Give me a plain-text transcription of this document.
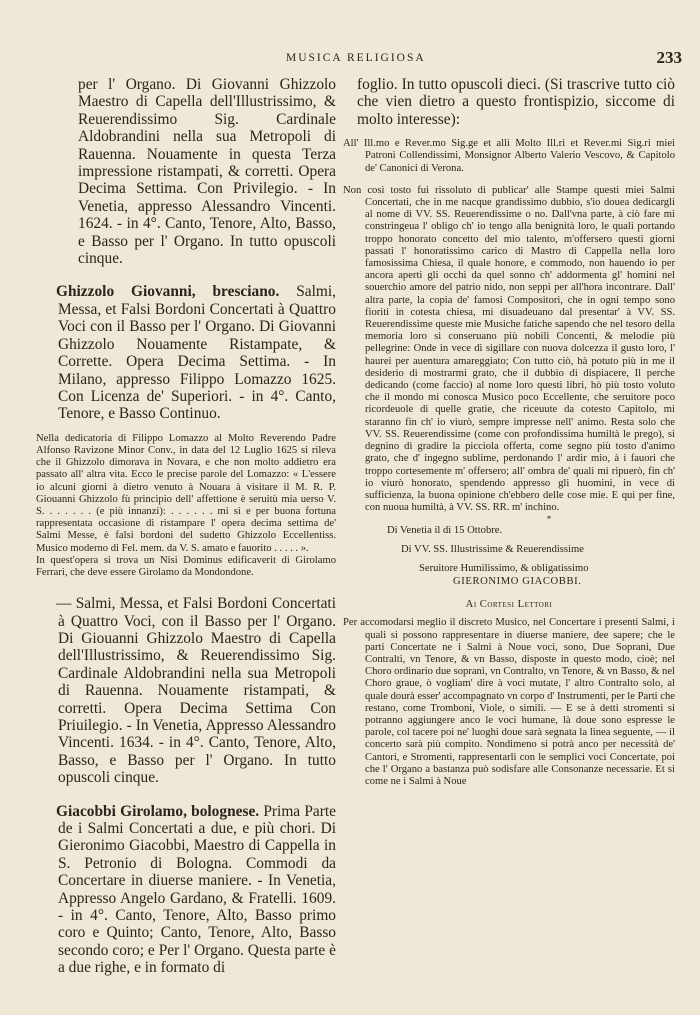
MUSICA RELIGIOSA	233

per l' Organo. Di Giovanni Ghizzolo Maestro di Capella dell'Illustrissimo, & Reuerendissimo Sig. Cardinale Aldobrandini nella sua Metropoli di Rauenna. Nouamente in questa Terza impressione ristampati, & corretti. Opera Decima Settima. Con Privilegio. - In Venetia, appresso Alessandro Vincenti. 1624. - in 4°. Canto, Tenore, Alto, Basso, e Basso per l' Organo. In tutto opuscoli cinque.

Ghizzolo Giovanni, bresciano. Salmi, Messa, et Falsi Bordoni Concertati à Quattro Voci con il Basso per l' Organo. Di Giovanni Ghizzolo Nouamente Ristampate, & Corrette. Opera Decima Settima. - In Milano, appresso Filippo Lomazzo 1625. Con Licenza de' Superiori. - in 4°. Canto, Tenore, e Basso Continuo.

Nella dedicatoria di Filippo Lomazzo al Molto Reverendo Padre Alfonso Ravizone Minor Conv., in data del 12 Luglio 1625 si rileva che il Ghizzolo dimorava in Novara, e che non molto addietro era passato all' altra vita. Ecco le precise parole del Lomazzo: « L'essere io alcuni giorni à dietro venuto à Nouara à visitare il M. R. P. Giouanni Ghizzolo fù principio dell' affettione è seruitù mia uerso V. S. . . . . . . (e più innanzi): . . . . . . mi sì e per buona fortuna rappresentata occasione di ristampare l' opera decima settima de' Salmi Messe, è falsi bordoni del sudetto Ghizzolo Eccellentiss. Musico moderno di Fel. mem. da V. S. amato e fauorito . . . . . ».

In quest'opera si trova un Nisi Dominus edificaverit di Girolamo Ferrari, che deve essere Girolamo da Mondondone.

— Salmi, Messa, et Falsi Bordoni Concertati à Quattro Voci, con il Basso per l' Organo. Di Giouanni Ghizzolo Maestro di Capella dell'Illustrissimo, & Reuerendissimo Sig. Cardinale Aldobrandini nella sua Metropoli di Rauenna. Nouamente ristampati, & corretti. Opera Decima Settima Con Priuilegio. - In Venetia, Appresso Alessandro Vincenti. 1634. - in 4°. Canto, Tenore, Alto, Basso, e Basso per l' Organo. In tutto opuscoli cinque.

Giacobbi Girolamo, bolognese. Prima Parte de i Salmi Concertati a due, e più chori. Di Gieronimo Giacobbi, Maestro di Cappella in S. Petronio di Bologna. Commodi da Concertare in diuerse maniere. - In Venetia, Appresso Angelo Gardano, & Fratelli. 1609. - in 4°. Canto, Tenore, Alto, Basso primo coro e Quinto; Canto, Tenore, Alto, Basso secondo coro; e Per l' Organo. Questa parte è a due righe, e in formato di

foglio. In tutto opuscoli dieci. (Si trascrive tutto ciò che vien dietro a questo frontispizio, siccome di molto interesse):

All' Ill.mo e Rever.mo Sig.ge et alli Molto Ill.ri et Rever.mi Sig.ri miei Patroni Collendissimi, Monsignor Alberto Valerio Vescovo, & Capitolo de' Canonici di Verona.

Non così tosto fui rissoluto di publicar' alle Stampe questi miei Salmi Concertati, che in me nacque grandissimo dubbio, s'io doueа dedicargli al nome di VV. SS. Reuerendissime o no. Dall'vna parte, à ciò fare mi constringeua l' obligo ch' io tengo alla benignità loro, le quali portando troppo honorato concetto del mio talento, m'offersero questi giorni passati l' honoratissimo carico di Mastro di Cappella nella loro famosissima Chiesa, il quale honore, e commodo, non hauendo io per ancora aperti gli occhi da quel sonno ch' addormenta gl' homini nel souerchio amore del patrio nido, non seppi per all'hora incontrare. Dall' altra parte, la copia de' famosi Compositori, che in ogni tempo sono fioriti in cotesta chiesa, mi disuadeuano dal presentar' à VV. SS. Reuerendissime queste mie Musiche fatiche sapendo che nel tesoro della memoria loro si conseruano più nobili Concenti, & melodie più pellegrine: Onde in vece di sigillare con nuova dolcezza il gusto loro, l' haurei per auentura amareggiato; Con tutto ciò, hà potuto più in me il desiderio di mostrarmi grato, che il dubbio di dispiacere, Il perche dedicando (come faccio) al nome loro questi libri, hò più tosto voluto che il mondo mi conosca Musico poco Eccellente, che seruitore poco ricordeuole di quelle gratie, che riceuute da cotesto Capitolo, mi staranno fin ch' io viurò, sempre impresse nell' animo. Resta solo che VV. SS. Reuerendissime (come con profondissima humiltà le prego), si degnino di gradire la picciola offerta, come segno più tosto d'animo grato, che d' ingegno sublime, perdonando l' ardir mio, à i fauori che troppo cortesemente m' offersero; all' ombra de' quali mi ripuerò, fin ch' io viurò honorato, spendendo appresso gli huomini, in vece di sufficienza, la buona opinione ch'ebbero delle cose mie. E qui per fine, con nuoua humiltà, à VV. SS. RR. m' inchino.

*

Di Venetia il dì 15 Ottobre.

Di VV. SS. Illustrissime & Reuerendissime

Seruitore Humilissimo, & obligatissimo

GIERONIMO GIACOBBI.

Ai Cortesi Lettori

Per accomodarsi meglio il discreto Musico, nel Concertare i presenti Salmi, i quali si possono rappresentare in diuerse maniere, dee sapere; che le parti Concertate ne i Salmi à Noue voci, sono, Due Soprani, Due Contralti, vn Tenore, & vn Basso, disposte in questo modo, cioè; nel Choro ordinario due soprani, vn Contralto, vn Tenore, & vn Basso, & nel Choro graue, ò vogliam' dire à voci mutate, l' altro Contralto solo, al quale dourà esser' accompagnato vn corpo d' Instrumenti, per le Parti che restano, come Tromboni, Viole, o simili. — E se à detti stromenti si potranno aggiungere anco le voci humane, là doue sono espresse le parole, col tacere poi ne' luoghi doue sarà segnata la linea seguente, — il concerto sarà più compito. Nondimeno si potrà anco per necessità de' Cantori, e Stromenti, rappresentarli con le semplici voci Concertate, poi che l' Organo a bastanza può sodisfare alle Consonanze necessarie. Et si come ne i Salmi à Noue
